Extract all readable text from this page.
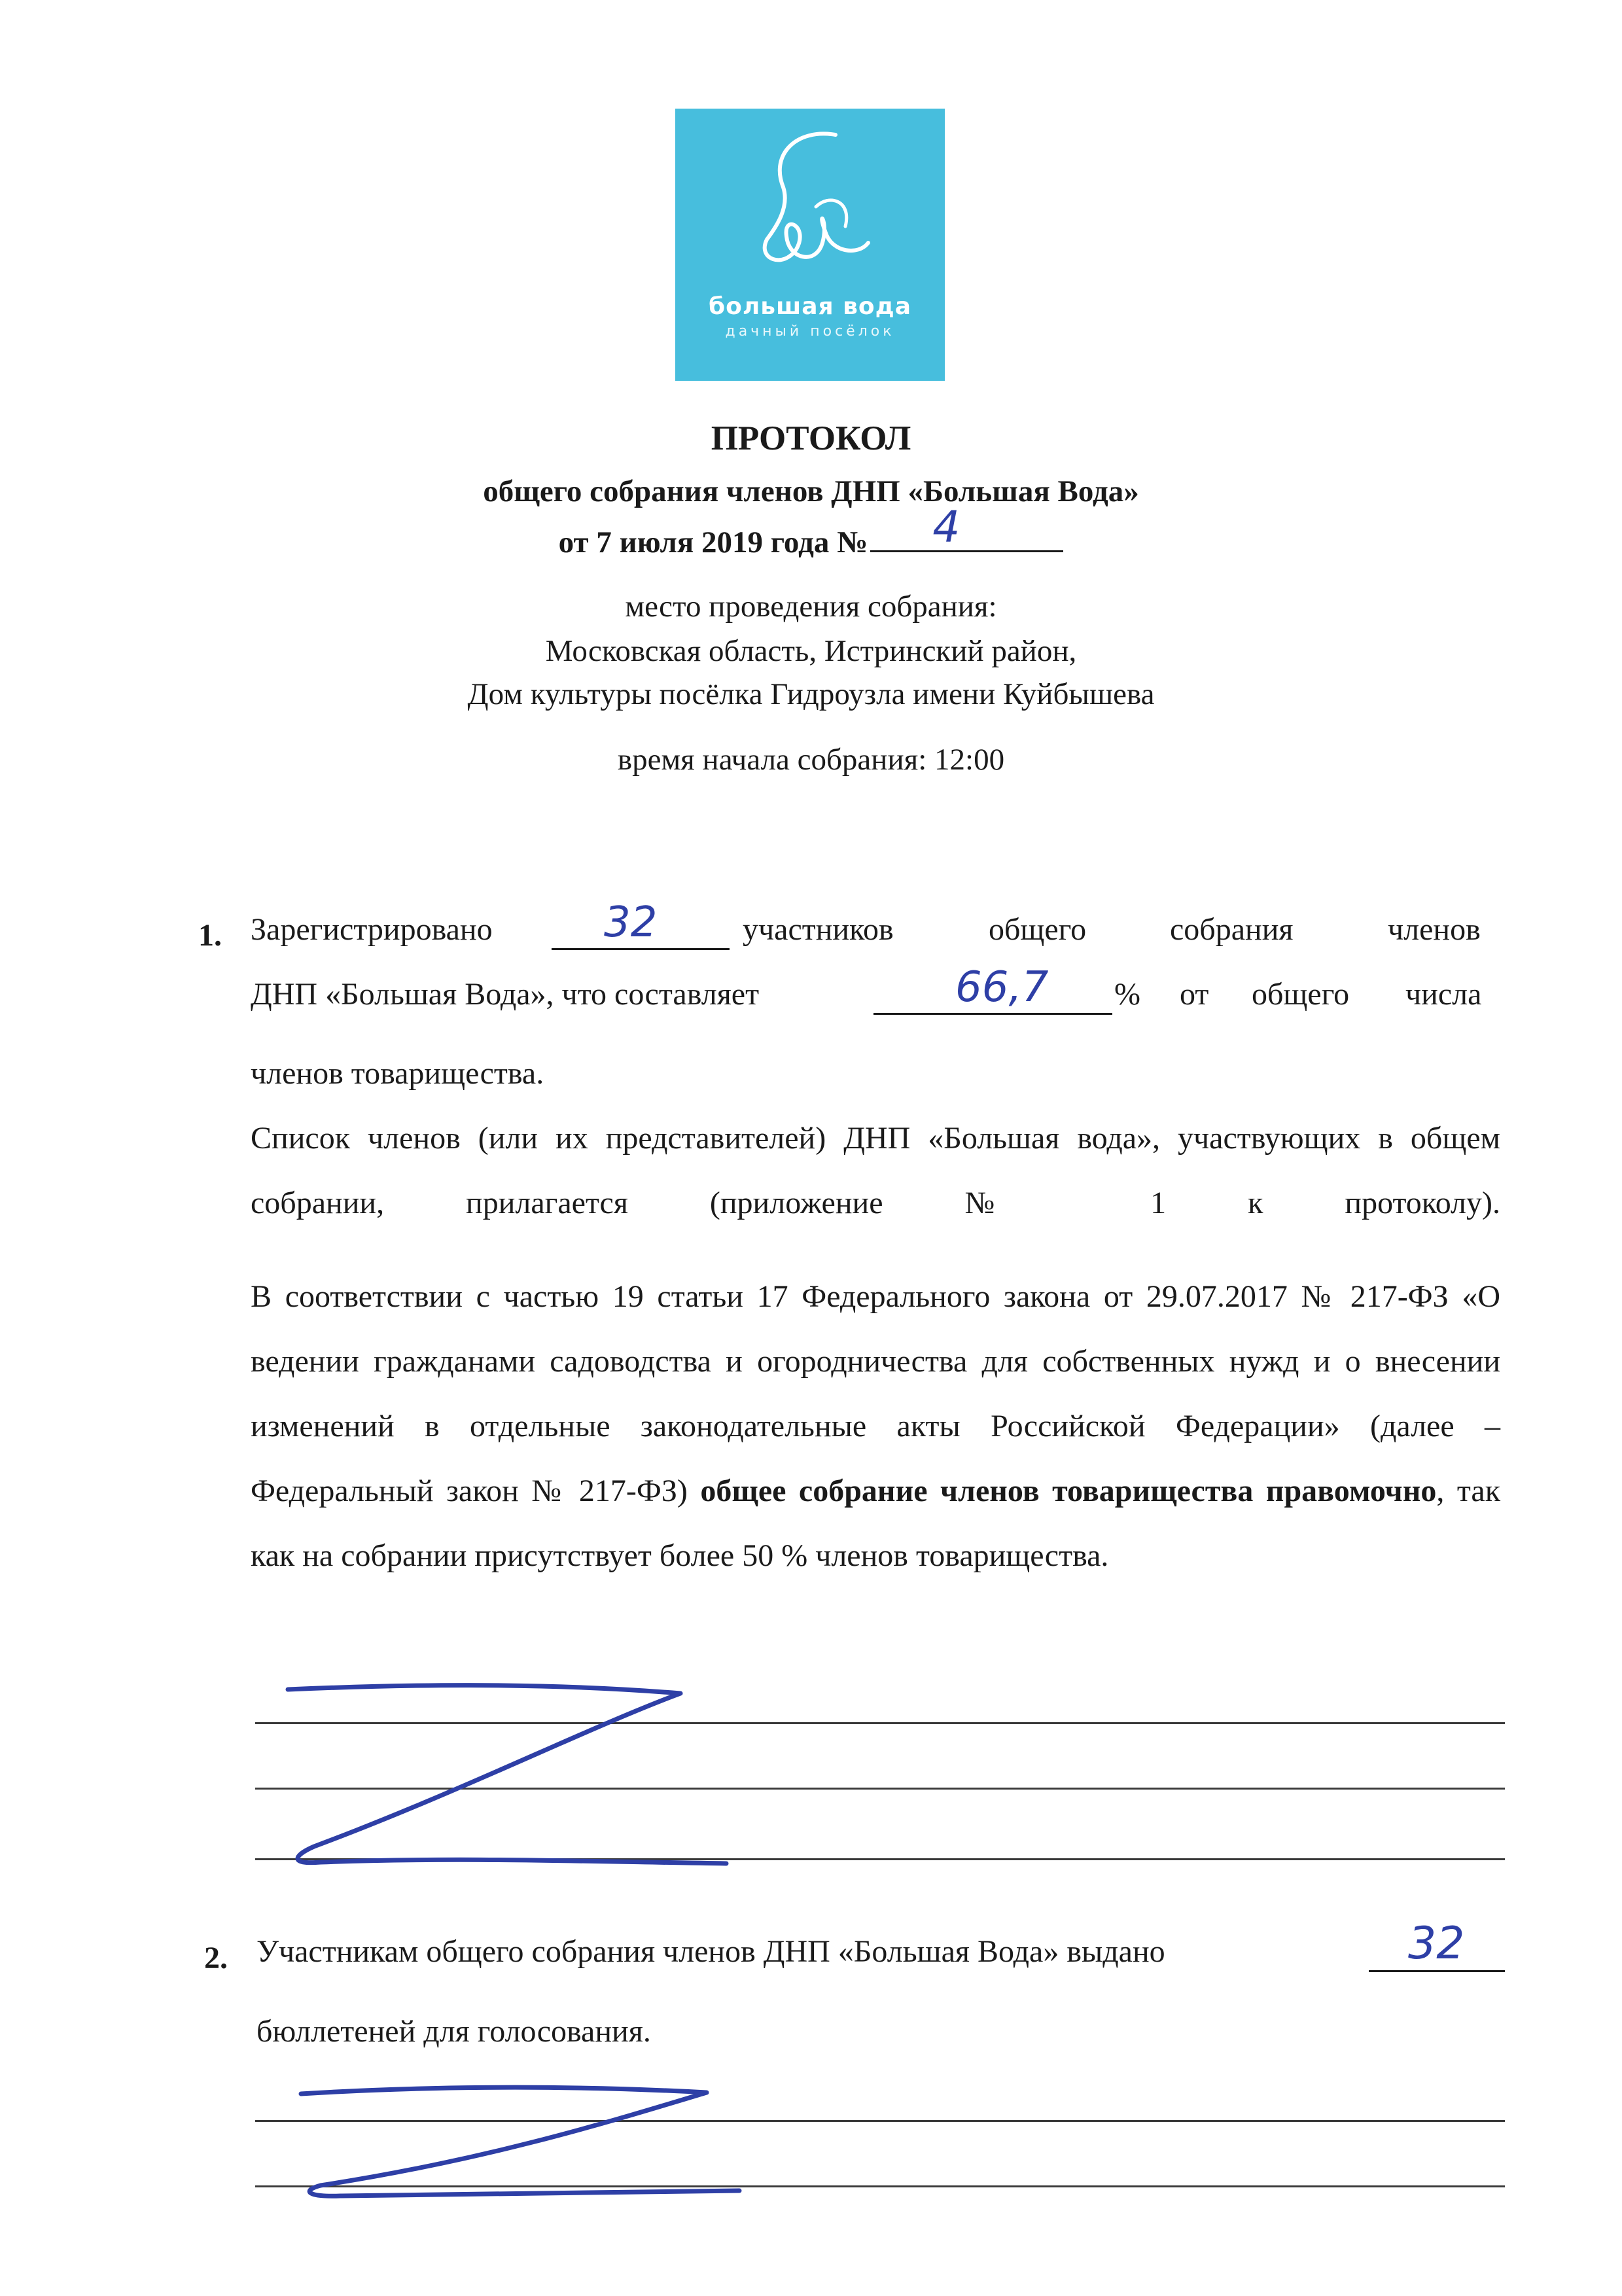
большая вода
дачный посёлок
ПРОТОКОЛ
общего собрания членов ДНП «Большая Вода»
от 7 июля 2019 года № 4
место проведения собрания:
Московская область, Истринский район,
Дом культуры посёлка Гидроузла имени Куйбышева
время начала собрания: 12:00
1. Зарегистрировано	32	участников	общего	собрания	членов
ДНП «Большая Вода», что составляет	66,7 % от общего числа
членов товарищества.
Список членов (или их представителей) ДНП «Большая вода», участвующих в общем собрании, прилагается (приложение № 1 к протоколу).
В соответствии с частью 19 статьи 17 Федерального закона от 29.07.2017 № 217-ФЗ «О ведении гражданами садоводства и огородничества для собственных нужд и о внесении изменений в отдельные законодательные акты Российской Федерации» (далее – Федеральный закон № 217-ФЗ) общее собрание членов товарищества правомочно, так как на собрании присутствует более 50 % членов товарищества.
2. Участникам общего собрания членов ДНП «Большая Вода» выдано	32
бюллетеней для голосования.
